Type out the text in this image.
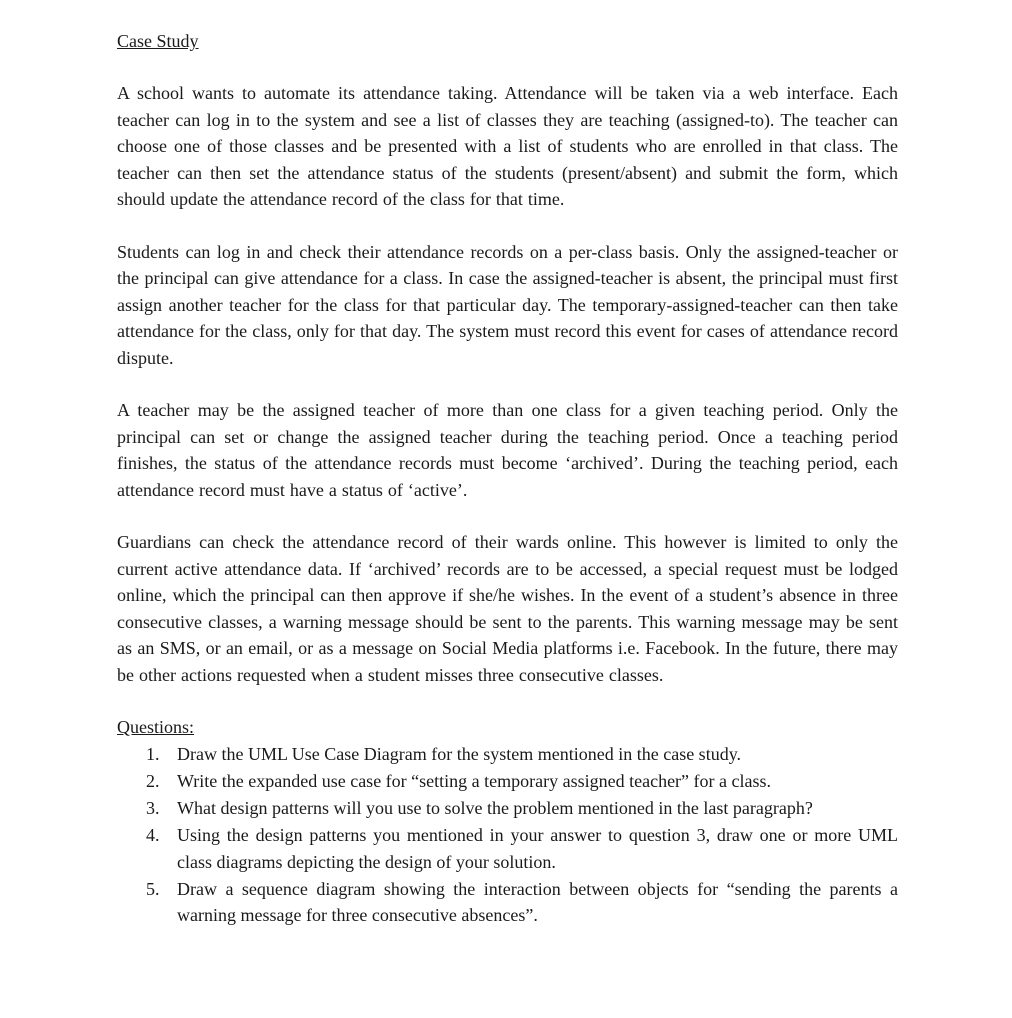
Case Study

A school wants to automate its attendance taking. Attendance will be taken via a web interface. Each teacher can log in to the system and see a list of classes they are teaching (assigned-to). The teacher can choose one of those classes and be presented with a list of students who are enrolled in that class. The teacher can then set the attendance status of the students (present/absent) and submit the form, which should update the attendance record of the class for that time.

Students can log in and check their attendance records on a per-class basis. Only the assigned-teacher or the principal can give attendance for a class. In case the assigned-teacher is absent, the principal must first assign another teacher for the class for that particular day. The temporary-assigned-teacher can then take attendance for the class, only for that day. The system must record this event for cases of attendance record dispute.

A teacher may be the assigned teacher of more than one class for a given teaching period. Only the principal can set or change the assigned teacher during the teaching period. Once a teaching period finishes, the status of the attendance records must become ‘archived’. During the teaching period, each attendance record must have a status of ‘active’.

Guardians can check the attendance record of their wards online. This however is limited to only the current active attendance data. If ‘archived’ records are to be accessed, a special request must be lodged online, which the principal can then approve if she/he wishes. In the event of a student’s absence in three consecutive classes, a warning message should be sent to the parents. This warning message may be sent as an SMS, or an email, or as a message on Social Media platforms i.e. Facebook. In the future, there may be other actions requested when a student misses three consecutive classes.

Questions:

1. Draw the UML Use Case Diagram for the system mentioned in the case study.
2. Write the expanded use case for “setting a temporary assigned teacher” for a class.
3. What design patterns will you use to solve the problem mentioned in the last paragraph?
4. Using the design patterns you mentioned in your answer to question 3, draw one or more UML class diagrams depicting the design of your solution.
5. Draw a sequence diagram showing the interaction between objects for “sending the parents a warning message for three consecutive absences”.
